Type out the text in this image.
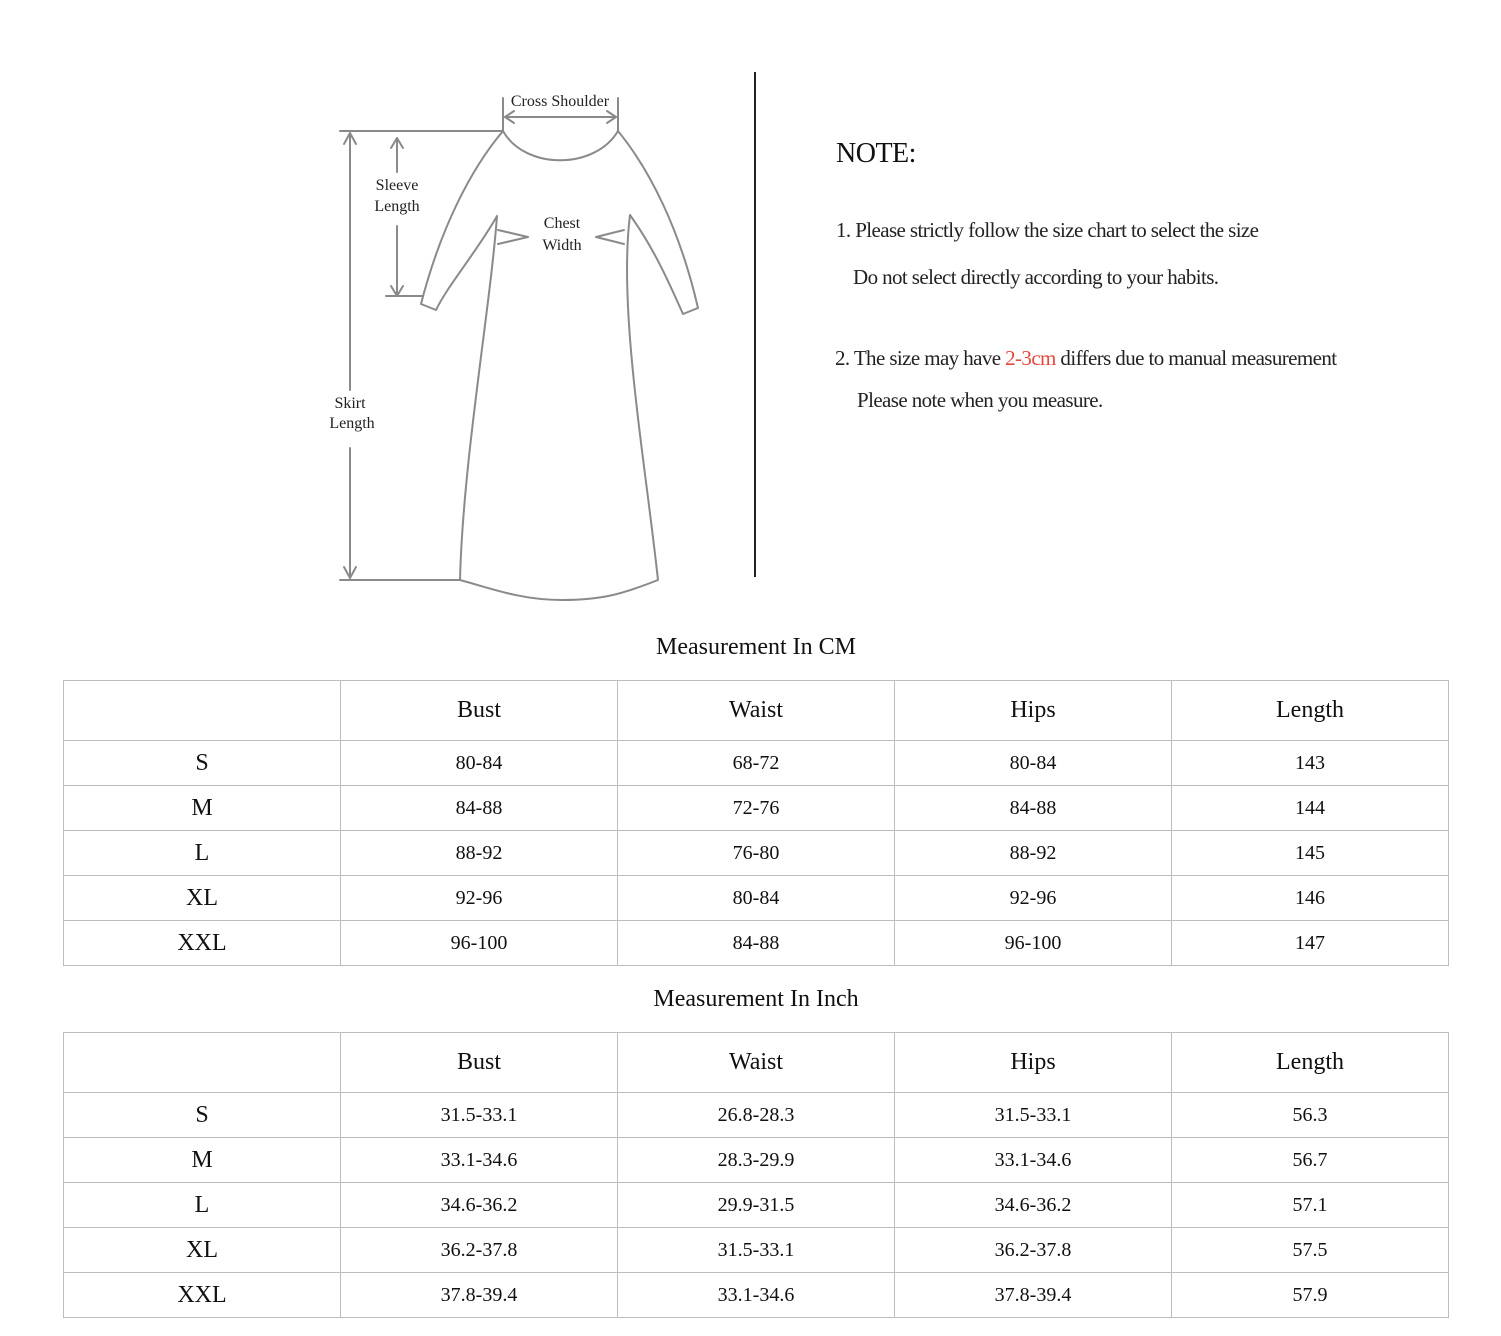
Cross Shoulder
Sleeve
Length
Chest
Width
Skirt
Length
NOTE:
1. Please strictly follow the size chart to select the size
Do not select directly according to your habits.
2. The size may have 2-3cm differs due to manual measurement
Please note when you measure.
Measurement In CM
	Bust	Waist	Hips	Length
S	80-84	68-72	80-84	143
M	84-88	72-76	84-88	144
L	88-92	76-80	88-92	145
XL	92-96	80-84	92-96	146
XXL	96-100	84-88	96-100	147
Measurement In Inch
	Bust	Waist	Hips	Length
S	31.5-33.1	26.8-28.3	31.5-33.1	56.3
M	33.1-34.6	28.3-29.9	33.1-34.6	56.7
L	34.6-36.2	29.9-31.5	34.6-36.2	57.1
XL	36.2-37.8	31.5-33.1	36.2-37.8	57.5
XXL	37.8-39.4	33.1-34.6	37.8-39.4	57.9
